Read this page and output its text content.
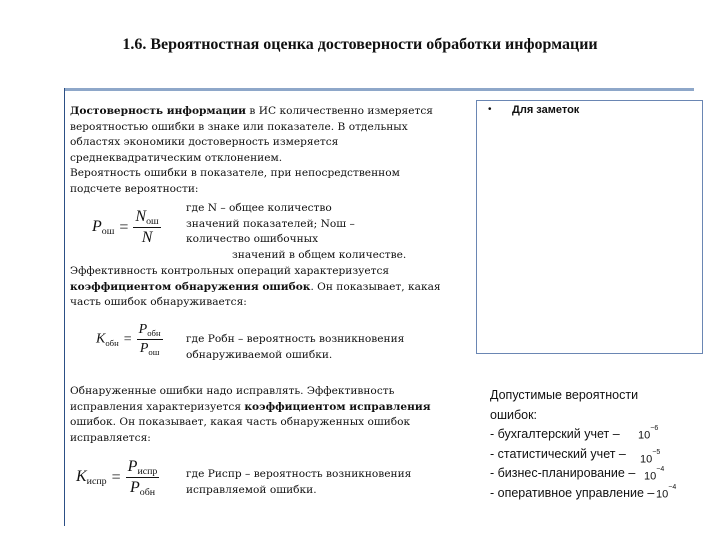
1.6. Вероятностная оценка достоверности обработки информации
Достоверность информации в ИС количественно измеряется
вероятностью ошибки в знаке или показателе. В отдельных
областях экономики достоверность измеряется
среднеквадратическим отклонением.
Вероятность ошибки в показателе, при непосредственном
подсчете вероятности:
Pош = $\frac{\text{Nош}}{N}$ где N – общее количество
значений показателей; Nош –
количество ошибочных
значений в общем количестве.
Эффективность контрольных операций характеризуется
коэффициентом обнаружения ошибок. Он показывает, какая
часть ошибок обнаруживается:
$K_{обн} = \frac{P_{обн}}{P_{ош}}$ где Робн – вероятность возникновения
обнаруживаемой ошибки.
Обнаруженные ошибки надо исправлять. Эффективность
исправления характеризуется коэффициентом исправления
ошибок. Он показывает, какая часть обнаруженных ошибок
исправляется:
Kиспр = $\frac{\text{Pиспр}}{\text{Pобн}}$	где Риспр – вероятность возникновения
исправляемой ошибки.
• Для заметок
Допустимые вероятности
ошибок:
- бухгалтерский учет – $10^{-6}$
- статистический учет – $10^{-5}$
- бизнес-планирование – $10^{-4}$
- оперативное управление – $10^{-4}$
